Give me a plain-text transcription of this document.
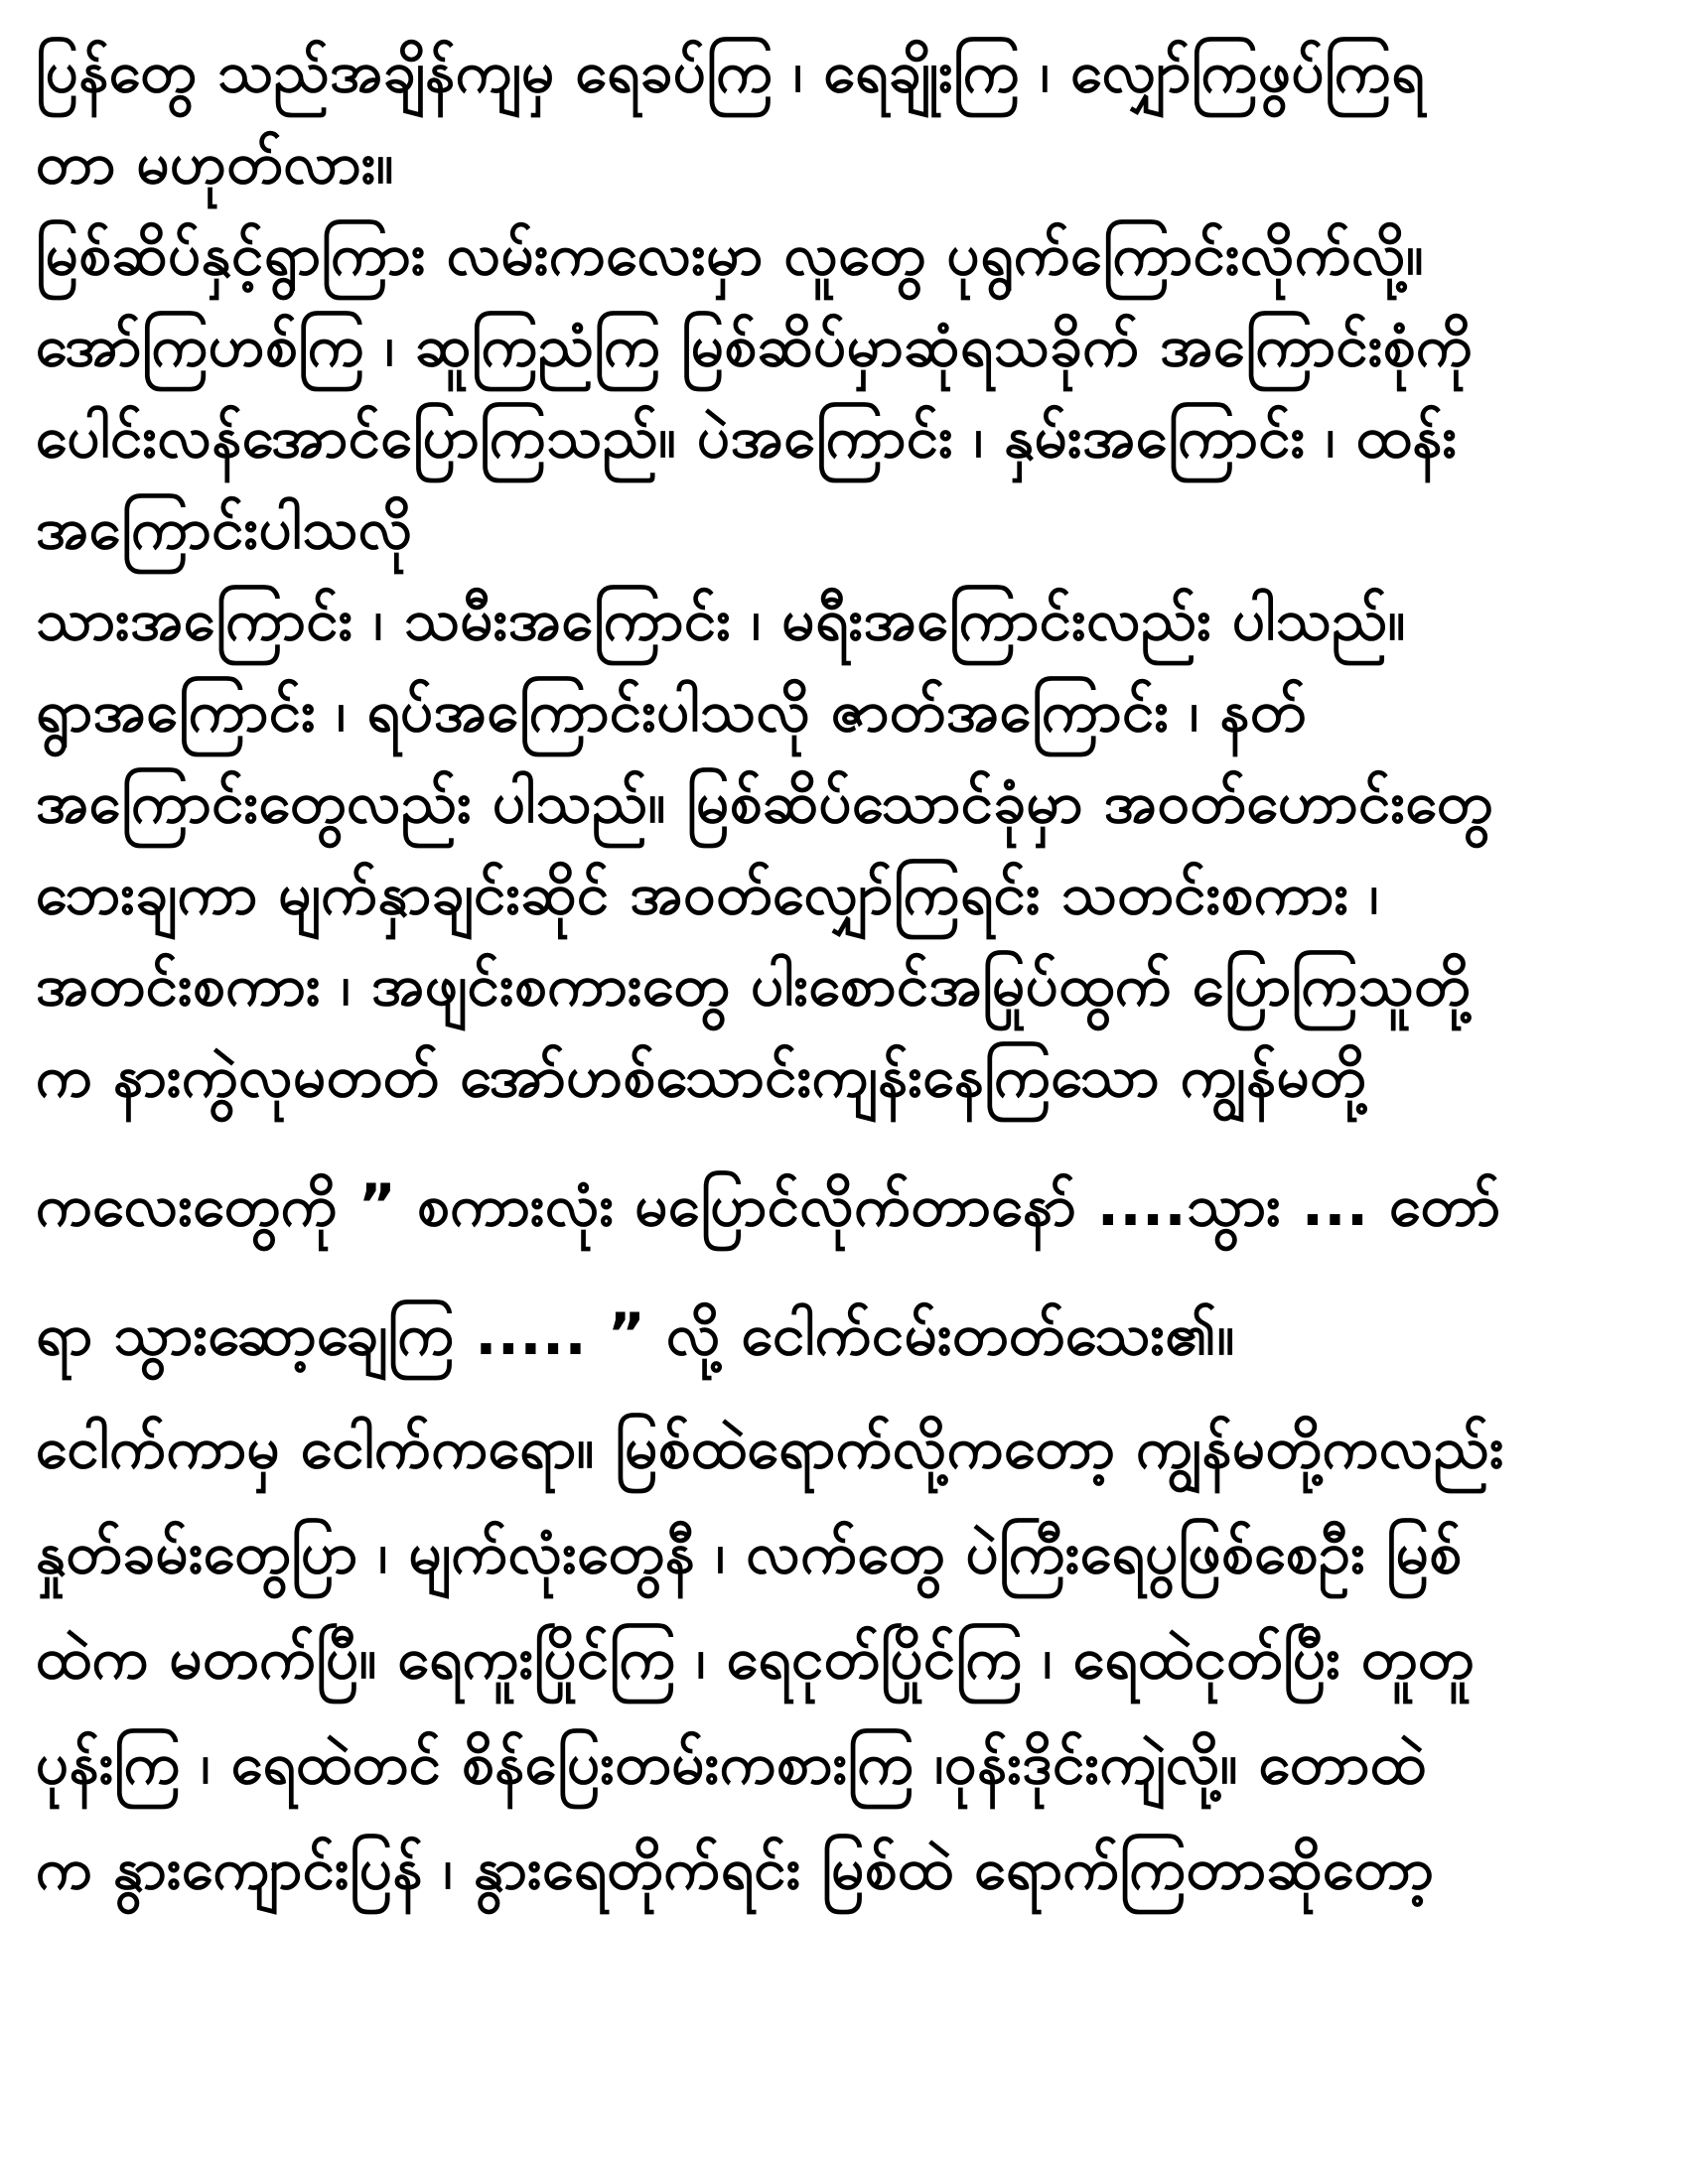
ပြန်တွေ သည်အချိန်ကျမှ ရေခပ်ကြ ၊ ရေချိုးကြ ၊ လျှော်ကြဖွပ်ကြရ
တာ မဟုတ်လား။
မြစ်ဆိပ်နှင့်ရွာကြား လမ်းကလေးမှာ လူတွေ ပုရွက်ကြောင်းလိုက်လို့။
အော်ကြဟစ်ကြ ၊ ဆူကြညံကြ မြစ်ဆိပ်မှာဆုံရသခိုက် အကြောင်းစုံကို
ပေါင်းလန်အောင်ပြောကြသည်။ ပဲအကြောင်း ၊ နှမ်းအကြောင်း ၊ ထန်း
အကြောင်းပါသလို
သားအကြောင်း ၊ သမီးအကြောင်း ၊ မရီးအကြောင်းလည်း ပါသည်။
ရွာအကြောင်း ၊ ရပ်အကြောင်းပါသလို ဇာတ်အကြောင်း ၊ နတ်
အကြောင်းတွေလည်း ပါသည်။ မြစ်ဆိပ်သောင်ခုံမှာ အဝတ်ဟောင်းတွေ
ဘေးချကာ မျက်နှာချင်းဆိုင် အဝတ်လျှော်ကြရင်း သတင်းစကား ၊
အတင်းစကား ၊ အဖျင်းစကားတွေ ပါးစောင်အမြုပ်ထွက် ပြောကြသူတို့
က နားကွဲလုမတတ် အော်ဟစ်သောင်းကျန်းနေကြသော ကျွန်မတို့
ကလေးတွေကို ” စကားလုံး မပြောင်လိုက်တာနော် ....သွား ... တော်
ရာ သွားဆော့ချေကြ ..... ” လို့ ငေါက်ငမ်းတတ်သေး၏။
ငေါက်ကာမှ ငေါက်ကရော။ မြစ်ထဲရောက်လို့ကတော့ ကျွန်မတို့ကလည်း
နှုတ်ခမ်းတွေပြာ ၊ မျက်လုံးတွေနီ ၊ လက်တွေ ပဲကြီးရေပွဖြစ်စေဦး မြစ်
ထဲက မတက်ပြီ။ ရေကူးပြိုင်ကြ ၊ ရေငုတ်ပြိုင်ကြ ၊ ရေထဲငုတ်ပြီး တူတူ
ပုန်းကြ ၊ ရေထဲတင် စိန်ပြေးတမ်းကစားကြ ၊ဝုန်းဒိုင်းကျဲလို့။ တောထဲ
က နွားကျောင်းပြန် ၊ နွားရေတိုက်ရင်း မြစ်ထဲ ရောက်ကြတာဆိုတော့
